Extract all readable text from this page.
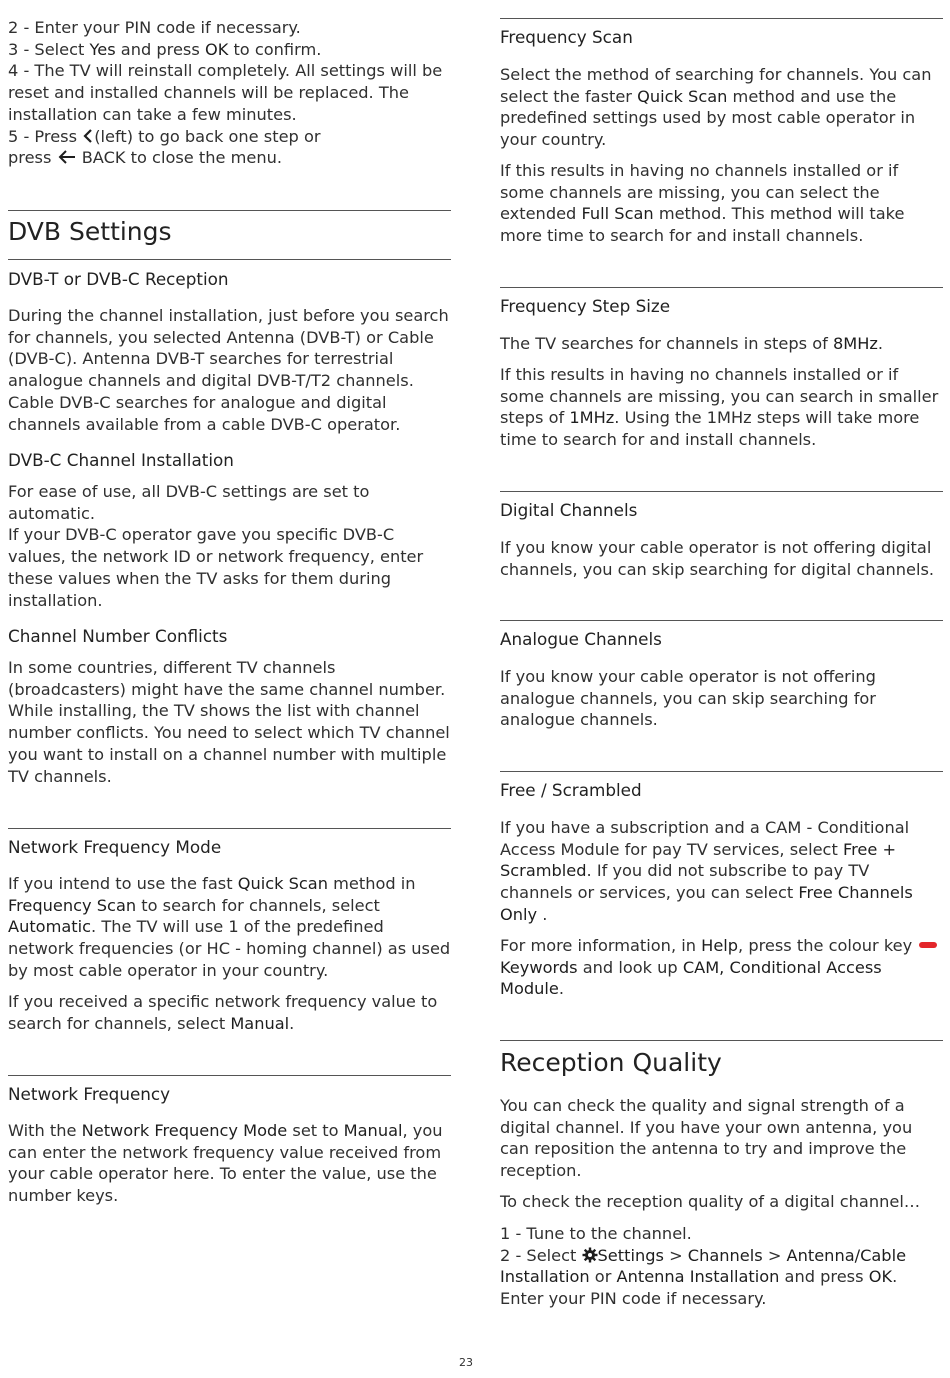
2 - Enter your PIN code if necessary.

3 - Select Yes and press OK to confirm.

4 - The TV will reinstall completely. All settings will be reset and installed channels will be replaced. The installation can take a few minutes.

5 - Press (left) to go back one step or
press  BACK to close the menu.

DVB Settings
DVB-T or DVB-C Reception

During the channel installation, just before you search for channels, you selected Antenna (DVB-T) or Cable (DVB-C). Antenna DVB-T searches for terrestrial analogue channels and digital DVB-T/T2 channels. Cable DVB-C searches for analogue and digital channels available from a cable DVB-C operator.

DVB-C Channel Installation

For ease of use, all DVB-C settings are set to automatic.

If your DVB-C operator gave you specific DVB-C values, the network ID or network frequency, enter these values when the TV asks for them during installation.

Channel Number Conflicts

In some countries, different TV channels (broadcasters) might have the same channel number. While installing, the TV shows the list with channel number conflicts. You need to select which TV channel you want to install on a channel number with multiple TV channels.

Network Frequency Mode

If you intend to use the fast Quick Scan method in Frequency Scan to search for channels, select Automatic. The TV will use 1 of the predefined network frequencies (or HC - homing channel) as used by most cable operator in your country.

If you received a specific network frequency value to search for channels, select Manual.

Network Frequency

With the Network Frequency Mode set to Manual, you can enter the network frequency value received from your cable operator here. To enter the value, use the number keys.

Frequency Scan

Select the method of searching for channels. You can select the faster Quick Scan method and use the predefined settings used by most cable operator in your country.

If this results in having no channels installed or if some channels are missing, you can select the extended Full Scan method. This method will take more time to search for and install channels.

Frequency Step Size

The TV searches for channels in steps of 8MHz.

If this results in having no channels installed or if some channels are missing, you can search in smaller steps of 1MHz. Using the 1MHz steps will take more time to search for and install channels.

Digital Channels

If you know your cable operator is not offering digital channels, you can skip searching for digital channels.

Analogue Channels

If you know your cable operator is not offering analogue channels, you can skip searching for analogue channels.

Free / Scrambled

If you have a subscription and a CAM - Conditional Access Module for pay TV services, select Free + Scrambled. If you did not subscribe to pay TV channels or services, you can select Free Channels Only .

For more information, in Help, press the colour key Keywords and look up CAM, Conditional Access Module.

Reception Quality

You can check the quality and signal strength of a digital channel. If you have your own antenna, you can reposition the antenna to try and improve the reception.

To check the reception quality of a digital channel…

1 - Tune to the channel.

2 - Select Settings > Channels > Antenna/Cable Installation or Antenna Installation and press OK.

Enter your PIN code if necessary.

23
